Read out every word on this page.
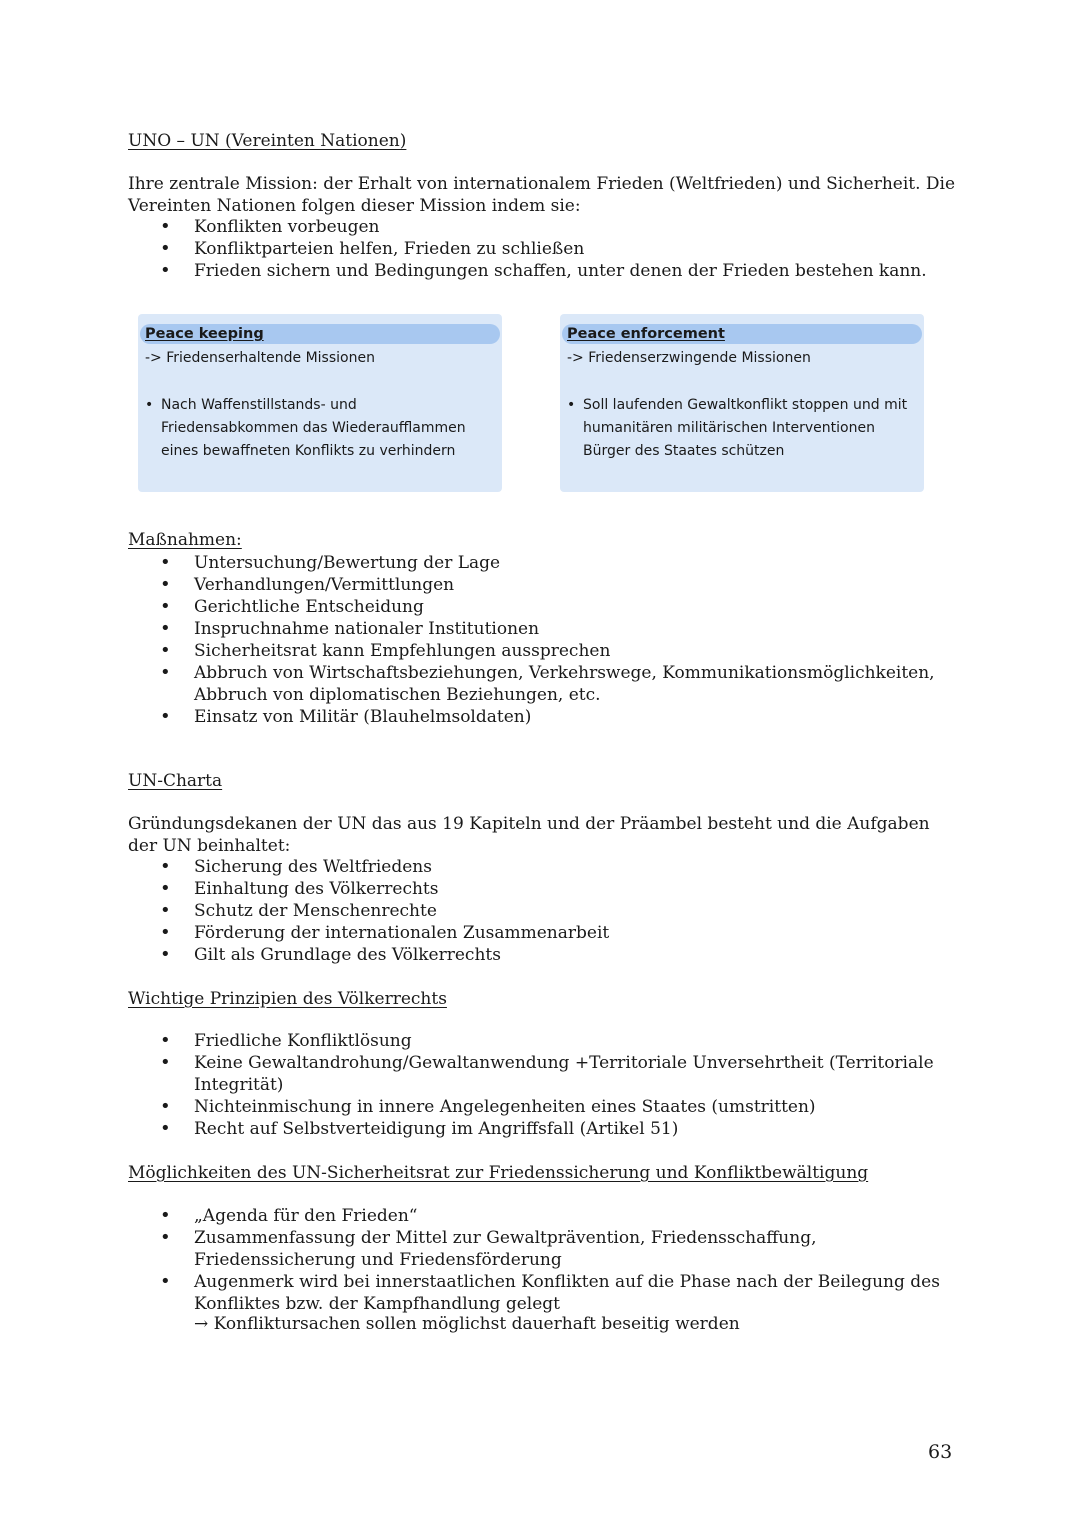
UNO – UN (Vereinten Nationen)
Ihre zentrale Mission: der Erhalt von internationalem Frieden (Weltfrieden) und Sicherheit. Die Vereinten Nationen folgen dieser Mission indem sie:
• Konflikten vorbeugen
• Konfliktparteien helfen, Frieden zu schließen
• Frieden sichern und Bedingungen schaffen, unter denen der Frieden bestehen kann.
Peace keeping
-> Friedenserhaltende Missionen
• Nach Waffenstillstands- und Friedensabkommen das Wiederaufflammen eines bewaffneten Konflikts zu verhindern
Peace enforcement
-> Friedenserzwingende Missionen
• Soll laufenden Gewaltkonflikt stoppen und mit humanitären militärischen Interventionen Bürger des Staates schützen
Maßnahmen:
• Untersuchung/Bewertung der Lage
• Verhandlungen/Vermittlungen
• Gerichtliche Entscheidung
• Inspruchnahme nationaler Institutionen
• Sicherheitsrat kann Empfehlungen aussprechen
• Abbruch von Wirtschaftsbeziehungen, Verkehrswege, Kommunikationsmöglichkeiten, Abbruch von diplomatischen Beziehungen, etc.
• Einsatz von Militär (Blauhelmsoldaten)
UN-Charta
Gründungsdekanen der UN das aus 19 Kapiteln und der Präambel besteht und die Aufgaben der UN beinhaltet:
• Sicherung des Weltfriedens
• Einhaltung des Völkerrechts
• Schutz der Menschenrechte
• Förderung der internationalen Zusammenarbeit
• Gilt als Grundlage des Völkerrechts
Wichtige Prinzipien des Völkerrechts
• Friedliche Konfliktlösung
• Keine Gewaltandrohung/Gewaltanwendung +Territoriale Unversehrtheit (Territoriale Integrität)
• Nichteinmischung in innere Angelegenheiten eines Staates (umstritten)
• Recht auf Selbstverteidigung im Angriffsfall (Artikel 51)
Möglichkeiten des UN-Sicherheitsrat zur Friedenssicherung und Konfliktbewältigung
• „Agenda für den Frieden“
• Zusammenfassung der Mittel zur Gewaltprävention, Friedensschaffung, Friedenssicherung und Friedensförderung
• Augenmerk wird bei innerstaatlichen Konflikten auf die Phase nach der Beilegung des Konfliktes bzw. der Kampfhandlung gelegt
→ Konfliktursachen sollen möglichst dauerhaft beseitig werden
63
